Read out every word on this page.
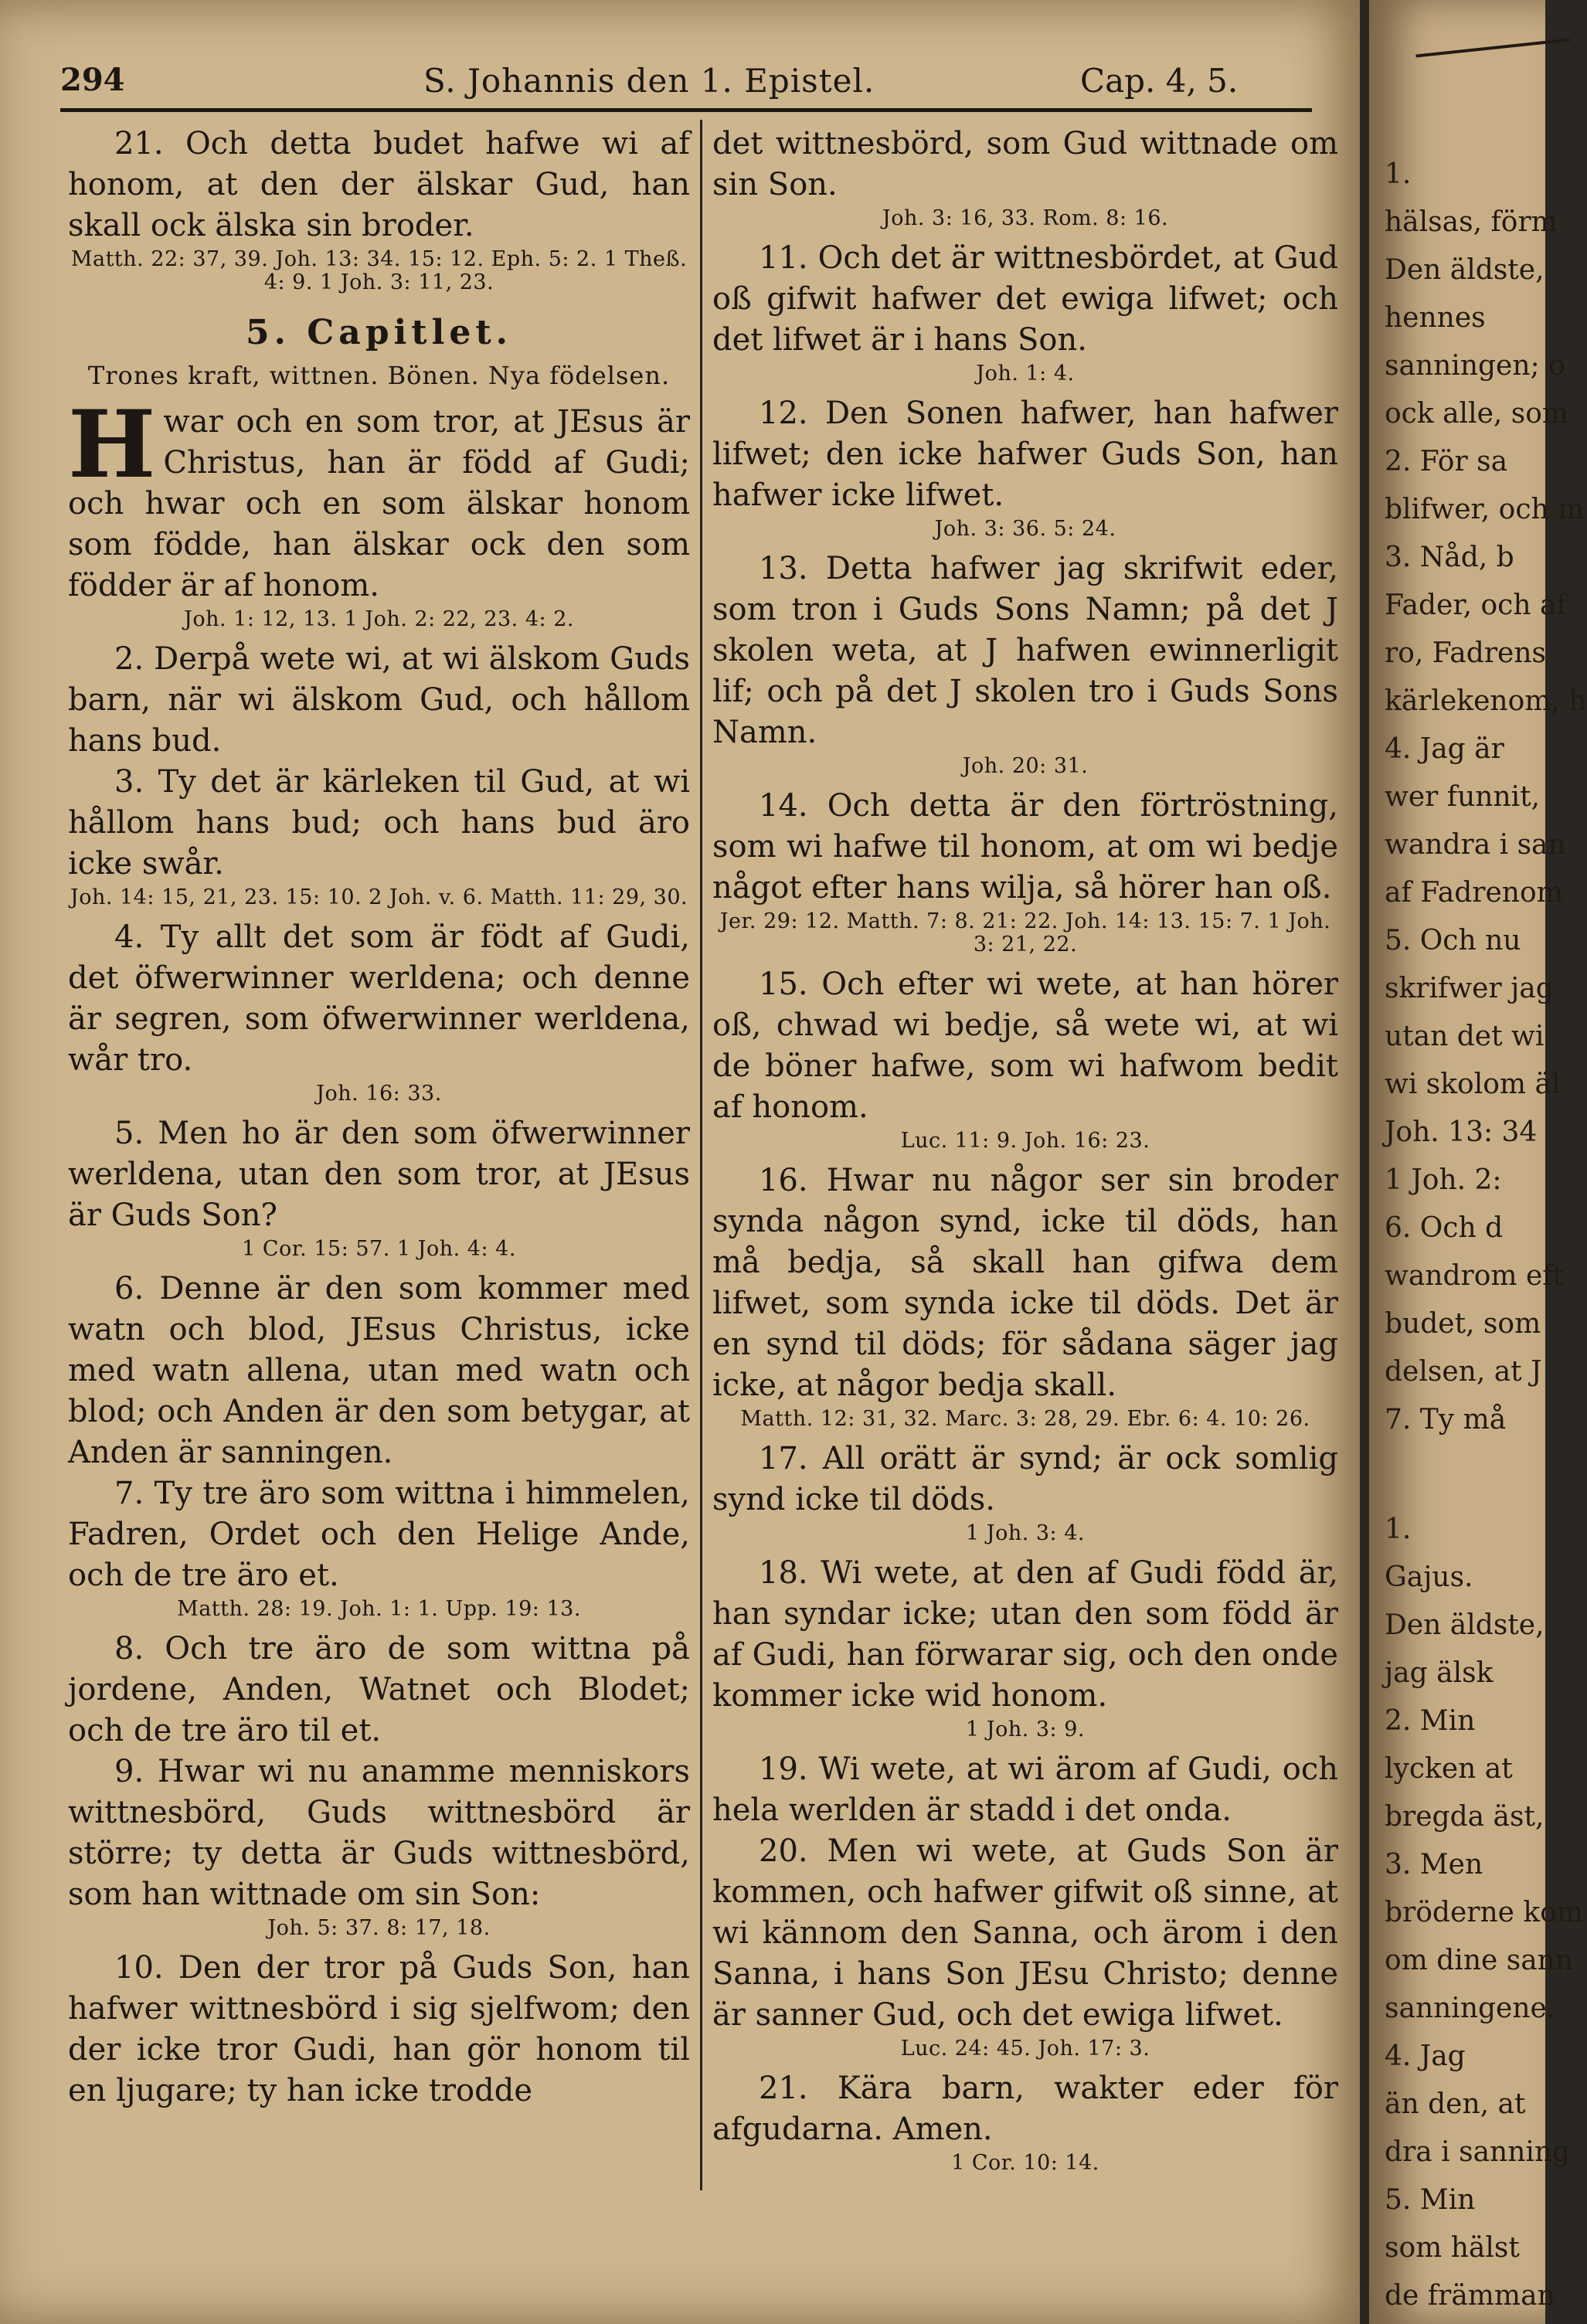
294	S. Johannis den 1. Epistel.	Cap. 4, 5.

21. Och detta budet hafwe wi af honom, at den der älskar Gud, han skall ock älska sin broder.

Matth. 22: 37, 39. Joh. 13: 34. 15: 12. Eph. 5: 2. 1 Theß. 4: 9. 1 Joh. 3: 11, 23.

5. Capitlet.

Trones kraft, wittnen. Bönen. Nya födelsen.

Hwar och en som tror, at JEsus är Christus, han är född af Gudi; och hwar och en som älskar honom som födde, han älskar ock den som födder är af honom.

Joh. 1: 12, 13. 1 Joh. 2: 22, 23. 4: 2.

2. Derpå wete wi, at wi älskom Guds barn, när wi älskom Gud, och hållom hans bud.

3. Ty det är kärleken til Gud, at wi hållom hans bud; och hans bud äro icke swår.

Joh. 14: 15, 21, 23. 15: 10. 2 Joh. v. 6. Matth. 11: 29, 30.

4. Ty allt det som är födt af Gudi, det öfwerwinner werldena; och denne är segren, som öfwerwinner werldena, wår tro.

Joh. 16: 33.

5. Men ho är den som öfwerwinner werldena, utan den som tror, at JEsus är Guds Son?

1 Cor. 15: 57. 1 Joh. 4: 4.

6. Denne är den som kommer med watn och blod, JEsus Christus, icke med watn allena, utan med watn och blod; och Anden är den som betygar, at Anden är sanningen.

7. Ty tre äro som wittna i himmelen, Fadren, Ordet och den Helige Ande, och de tre äro et.

Matth. 28: 19. Joh. 1: 1. Upp. 19: 13.

8. Och tre äro de som wittna på jordene, Anden, Watnet och Blodet; och de tre äro til et.

9. Hwar wi nu anamme menniskors wittnesbörd, Guds wittnesbörd är större; ty detta är Guds wittnesbörd, som han wittnade om sin Son:

Joh. 5: 37. 8: 17, 18.

10. Den der tror på Guds Son, han hafwer wittnesbörd i sig sjelfwom; den der icke tror Gudi, han gör honom til en ljugare; ty han icke trodde

det wittnesbörd, som Gud wittnade om sin Son.

Joh. 3: 16, 33. Rom. 8: 16.

11. Och det är wittnesbördet, at Gud oß gifwit hafwer det ewiga lifwet; och det lifwet är i hans Son.

Joh. 1: 4.

12. Den Sonen hafwer, han hafwer lifwet; den icke hafwer Guds Son, han hafwer icke lifwet.

Joh. 3: 36. 5: 24.

13. Detta hafwer jag skrifwit eder, som tron i Guds Sons Namn; på det J skolen weta, at J hafwen ewinnerligit lif; och på det J skolen tro i Guds Sons Namn.

Joh. 20: 31.

14. Och detta är den förtröstning, som wi hafwe til honom, at om wi bedje något efter hans wilja, så hörer han oß.

Jer. 29: 12. Matth. 7: 8. 21: 22. Joh. 14: 13. 15: 7. 1 Joh. 3: 21, 22.

15. Och efter wi wete, at han hörer oß, chwad wi bedje, så wete wi, at wi de böner hafwe, som wi hafwom bedit af honom.

Luc. 11: 9. Joh. 16: 23.

16. Hwar nu någor ser sin broder synda någon synd, icke til döds, han må bedja, så skall han gifwa dem lifwet, som synda icke til döds. Det är en synd til döds; för sådana säger jag icke, at någor bedja skall.

Matth. 12: 31, 32. Marc. 3: 28, 29. Ebr. 6: 4. 10: 26.

17. All orätt är synd; är ock somlig synd icke til döds.

1 Joh. 3: 4.

18. Wi wete, at den af Gudi född är, han syndar icke; utan den som född är af Gudi, han förwarar sig, och den onde kommer icke wid honom.

1 Joh. 3: 9.

19. Wi wete, at wi ärom af Gudi, och hela werlden är stadd i det onda.

20. Men wi wete, at Guds Son är kommen, och hafwer gifwit oß sinne, at wi kännom den Sanna, och ärom i den Sanna, i hans Son JEsu Christo; denne är sanner Gud, och det ewiga lifwet.

Luc. 24: 45. Joh. 17: 3.

21. Kära barn, wakter eder för afgudarna. Amen.

1 Cor. 10: 14.

1.
hälsas, förm
Den äldste,
hennes
sanningen; o
ock alle, som
2. För sa
blifwer, och m
3. Nåd, b
Fader, och af
ro, Fadrens
kärlekenom, h
4. Jag är
wer funnit,
wandra i san
af Fadrenom
5. Och nu
skrifwer jag
utan det wi
wi skolom äl
Joh. 13: 34
1 Joh. 2:
6. Och d
wandrom eft
budet, som
delsen, at J
7. Ty må
1.
Gajus.
Den äldste,
jag älsk
2. Min
lycken at
bregda äst,
3. Men
bröderne kom
om dine sann
sanningene.
4. Jag
än den, at
dra i sanning
5. Min
som hälst
de främman
